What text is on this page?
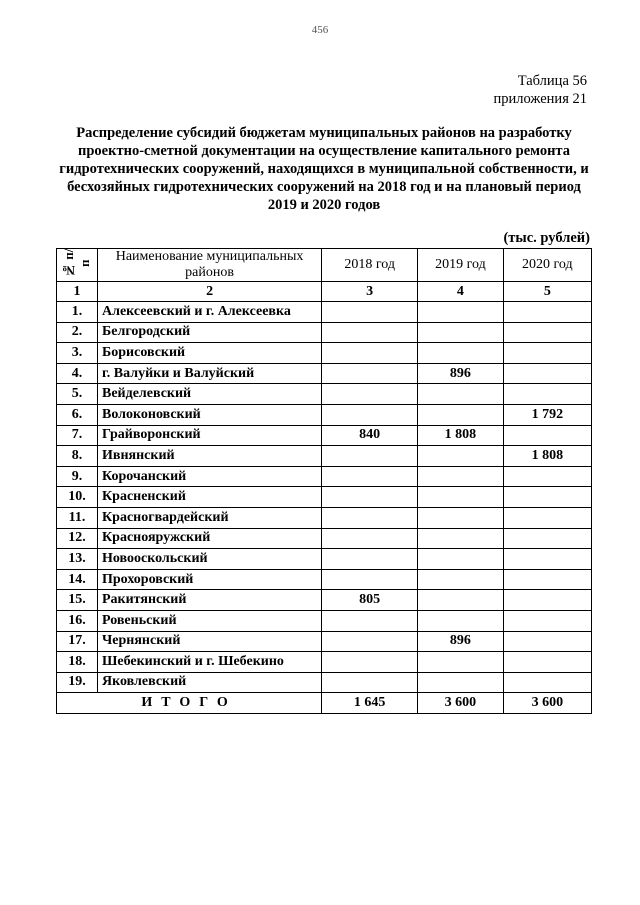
456
Таблица 56
приложения 21
Распределение субсидий бюджетам муниципальных районов на разработку проектно-сметной документации на осуществление капитального ремонта гидротехнических сооружений, находящихся в муниципальной собственности, и бесхозяйных гидротехнических сооружений на 2018 год и на плановый период 2019 и 2020 годов
(тыс. рублей)
№ п/п	Наименование муниципальных районов	2018 год	2019 год	2020 год
1	2	3	4	5
1.	Алексеевский и г. Алексеевка			
2.	Белгородский			
3.	Борисовский			
4.	г. Валуйки и Валуйский		896	
5.	Вейделевский			
6.	Волоконовский			1 792
7.	Грайворонский	840	1 808	
8.	Ивнянский			1 808
9.	Корочанский			
10.	Красненский			
11.	Красногвардейский			
12.	Краснояружский			
13.	Новооскольский			
14.	Прохоровский			
15.	Ракитянский	805		
16.	Ровеньский			
17.	Чернянский		896	
18.	Шебекинский и г. Шебекино			
19.	Яковлевский			
ИТОГО		1 645	3 600	3 600
